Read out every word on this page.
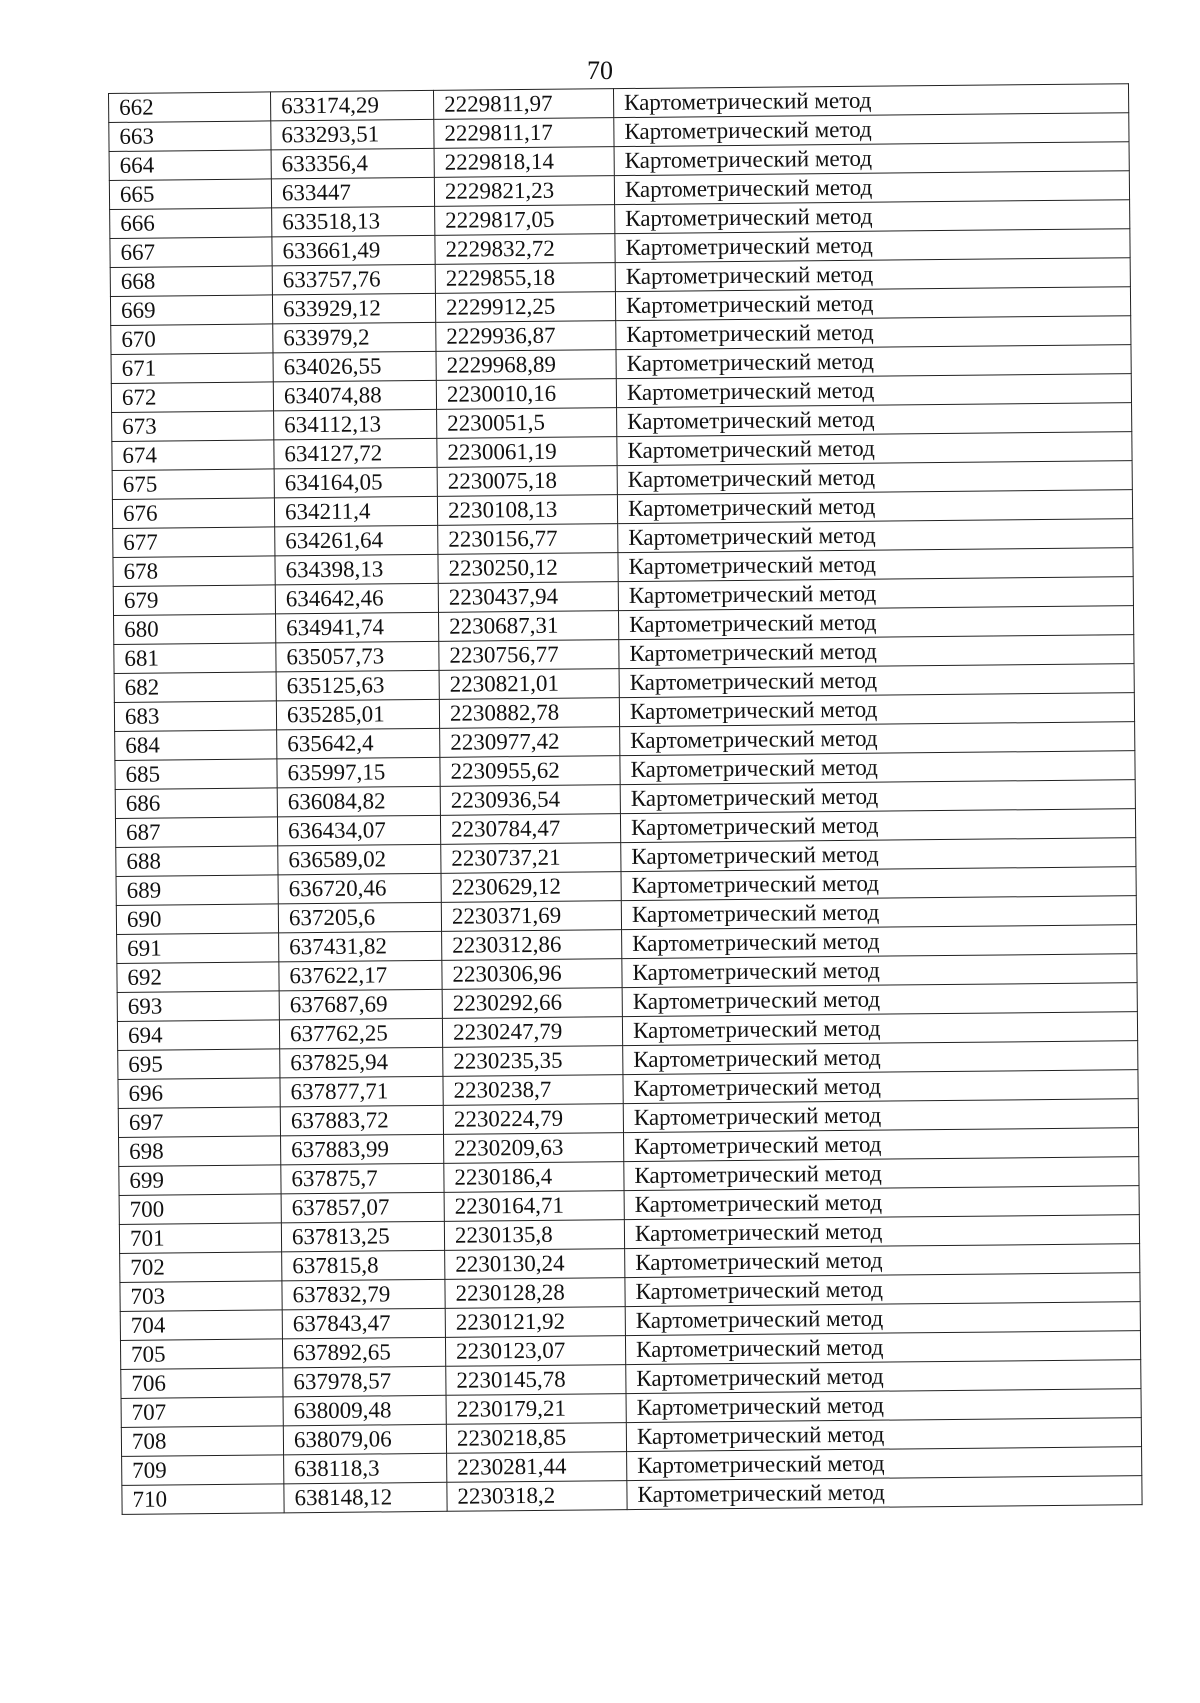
70
662	633174,29	2229811,97	Картометрический метод
663	633293,51	2229811,17	Картометрический метод
664	633356,4	2229818,14	Картометрический метод
665	633447	2229821,23	Картометрический метод
666	633518,13	2229817,05	Картометрический метод
667	633661,49	2229832,72	Картометрический метод
668	633757,76	2229855,18	Картометрический метод
669	633929,12	2229912,25	Картометрический метод
670	633979,2	2229936,87	Картометрический метод
671	634026,55	2229968,89	Картометрический метод
672	634074,88	2230010,16	Картометрический метод
673	634112,13	2230051,5	Картометрический метод
674	634127,72	2230061,19	Картометрический метод
675	634164,05	2230075,18	Картометрический метод
676	634211,4	2230108,13	Картометрический метод
677	634261,64	2230156,77	Картометрический метод
678	634398,13	2230250,12	Картометрический метод
679	634642,46	2230437,94	Картометрический метод
680	634941,74	2230687,31	Картометрический метод
681	635057,73	2230756,77	Картометрический метод
682	635125,63	2230821,01	Картометрический метод
683	635285,01	2230882,78	Картометрический метод
684	635642,4	2230977,42	Картометрический метод
685	635997,15	2230955,62	Картометрический метод
686	636084,82	2230936,54	Картометрический метод
687	636434,07	2230784,47	Картометрический метод
688	636589,02	2230737,21	Картометрический метод
689	636720,46	2230629,12	Картометрический метод
690	637205,6	2230371,69	Картометрический метод
691	637431,82	2230312,86	Картометрический метод
692	637622,17	2230306,96	Картометрический метод
693	637687,69	2230292,66	Картометрический метод
694	637762,25	2230247,79	Картометрический метод
695	637825,94	2230235,35	Картометрический метод
696	637877,71	2230238,7	Картометрический метод
697	637883,72	2230224,79	Картометрический метод
698	637883,99	2230209,63	Картометрический метод
699	637875,7	2230186,4	Картометрический метод
700	637857,07	2230164,71	Картометрический метод
701	637813,25	2230135,8	Картометрический метод
702	637815,8	2230130,24	Картометрический метод
703	637832,79	2230128,28	Картометрический метод
704	637843,47	2230121,92	Картометрический метод
705	637892,65	2230123,07	Картометрический метод
706	637978,57	2230145,78	Картометрический метод
707	638009,48	2230179,21	Картометрический метод
708	638079,06	2230218,85	Картометрический метод
709	638118,3	2230281,44	Картометрический метод
710	638148,12	2230318,2	Картометрический метод
